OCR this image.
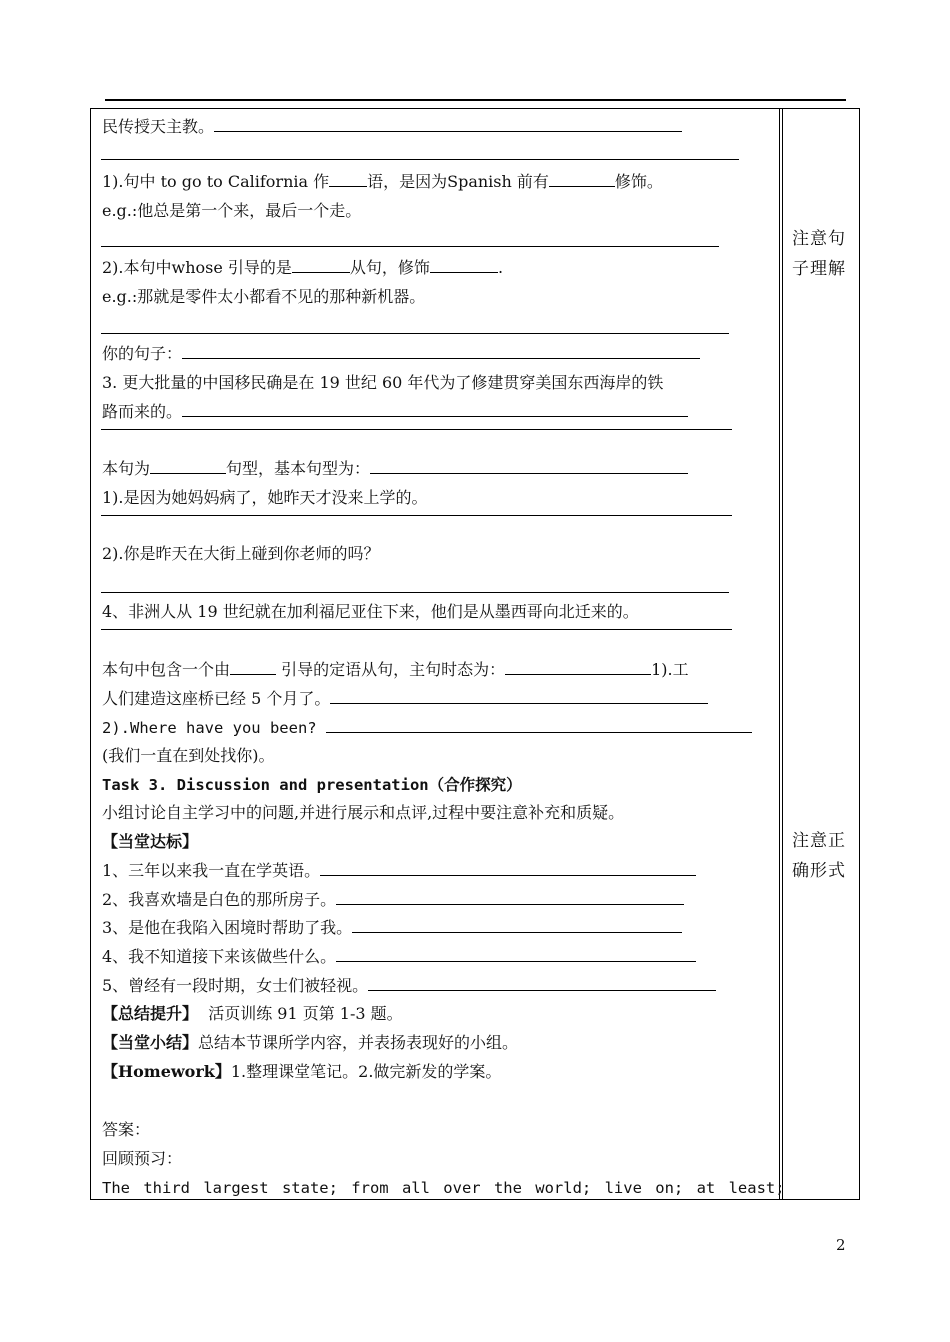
注意句子理解
注意正确形式
民传授天主教。
1).句中 to go to California 作 语，是因为Spanish 前有	修饰。
e.g.:他总是第一个来，最后一个走。
2).本句中whose 引导的是	从句，修饰	.
e.g.:那就是零件太小都看不见的那种新机器。
你的句子：
3. 更大批量的中国移民确是在 19 世纪 60 年代为了修建贯穿美国东西海岸的铁
路而来的。
本句为	句型，基本句型为：
1).是因为她妈妈病了，她昨天才没来上学的。
2).你是昨天在大街上碰到你老师的吗？
4、非洲人从 19 世纪就在加利福尼亚住下来，他们是从墨西哥向北迁来的。
本句中包含一个由	引导的定语从句，主句时态为：	1).工
人们建造这座桥已经 5 个月了。
2).Where have you been?
(我们一直在到处找你)。
Task 3. Discussion and presentation（合作探究）
小组讨论自主学习中的问题,并进行展示和点评,过程中要注意补充和质疑。
【当堂达标】
1、三年以来我一直在学英语。
2、我喜欢墙是白色的那所房子。
3、是他在我陷入困境时帮助了我。
4、我不知道接下来该做些什么。
5、曾经有一段时期，女士们被轻视。
【总结提升】 活页训练 91 页第 1-3 题。
【当堂小结】总结本节课所学内容，并表扬表现好的小组。
【Homework】1.整理课堂笔记。2.做完新发的学案。
答案：
回顾预习：
The third largest state; from all over the world; live on; at least;
2
